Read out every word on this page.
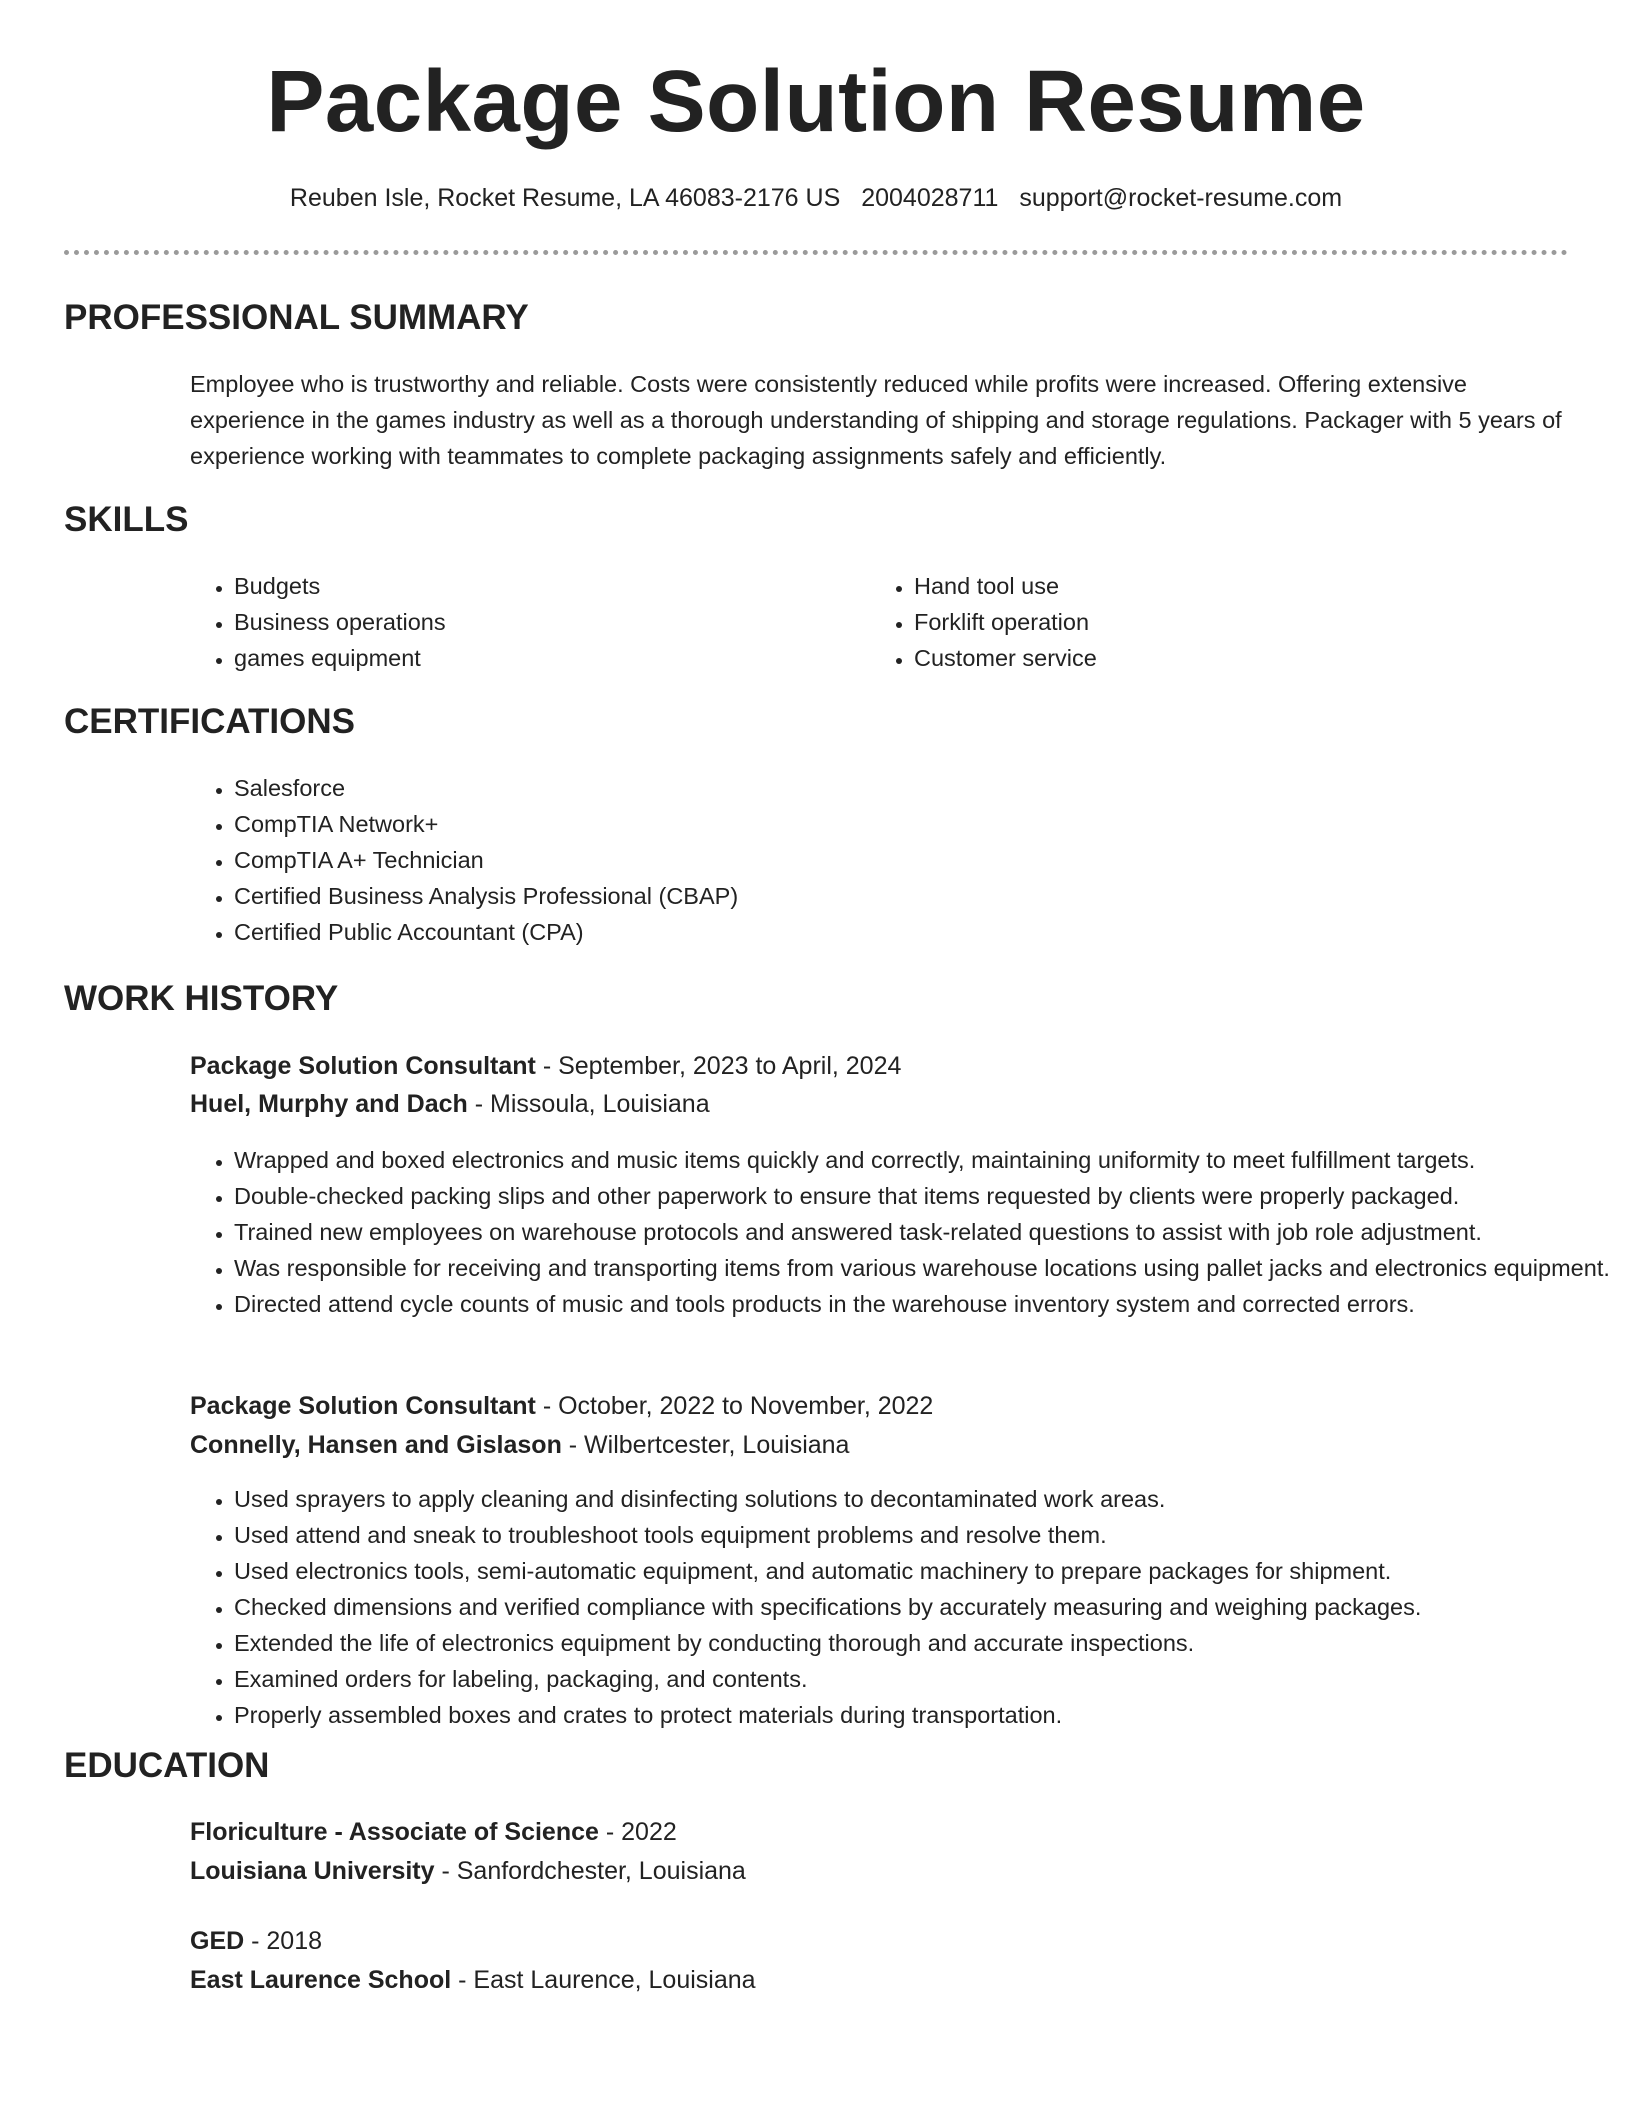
Package Solution Resume
Reuben Isle, Rocket Resume, LA 46083-2176 US 2004028711 support@rocket-resume.com
PROFESSIONAL SUMMARY

Employee who is trustworthy and reliable. Costs were consistently reduced while profits were increased. Offering extensive experience in the games industry as well as a thorough understanding of shipping and storage regulations. Packager with 5 years of experience working with teammates to complete packaging assignments safely and efficiently.

SKILLS
• Budgets
• Business operations
• games equipment
• Hand tool use
• Forklift operation
• Customer service
CERTIFICATIONS
• Salesforce
• CompTIA Network+
• CompTIA A+ Technician
• Certified Business Analysis Professional (CBAP)
• Certified Public Accountant (CPA)
WORK HISTORY

Package Solution Consultant - September, 2023 to April, 2024

Huel, Murphy and Dach - Missoula, Louisiana

• Wrapped and boxed electronics and music items quickly and correctly, maintaining uniformity to meet fulfillment targets.
• Double-checked packing slips and other paperwork to ensure that items requested by clients were properly packaged.
• Trained new employees on warehouse protocols and answered task-related questions to assist with job role adjustment.
• Was responsible for receiving and transporting items from various warehouse locations using pallet jacks and electronics equipment.
• Directed attend cycle counts of music and tools products in the warehouse inventory system and corrected errors.

Package Solution Consultant - October, 2022 to November, 2022

Connelly, Hansen and Gislason - Wilbertcester, Louisiana

• Used sprayers to apply cleaning and disinfecting solutions to decontaminated work areas.
• Used attend and sneak to troubleshoot tools equipment problems and resolve them.
• Used electronics tools, semi-automatic equipment, and automatic machinery to prepare packages for shipment.
• Checked dimensions and verified compliance with specifications by accurately measuring and weighing packages.
• Extended the life of electronics equipment by conducting thorough and accurate inspections.
• Examined orders for labeling, packaging, and contents.
• Properly assembled boxes and crates to protect materials during transportation.
EDUCATION

Floriculture - Associate of Science - 2022

Louisiana University - Sanfordchester, Louisiana

GED - 2018

East Laurence School - East Laurence, Louisiana
